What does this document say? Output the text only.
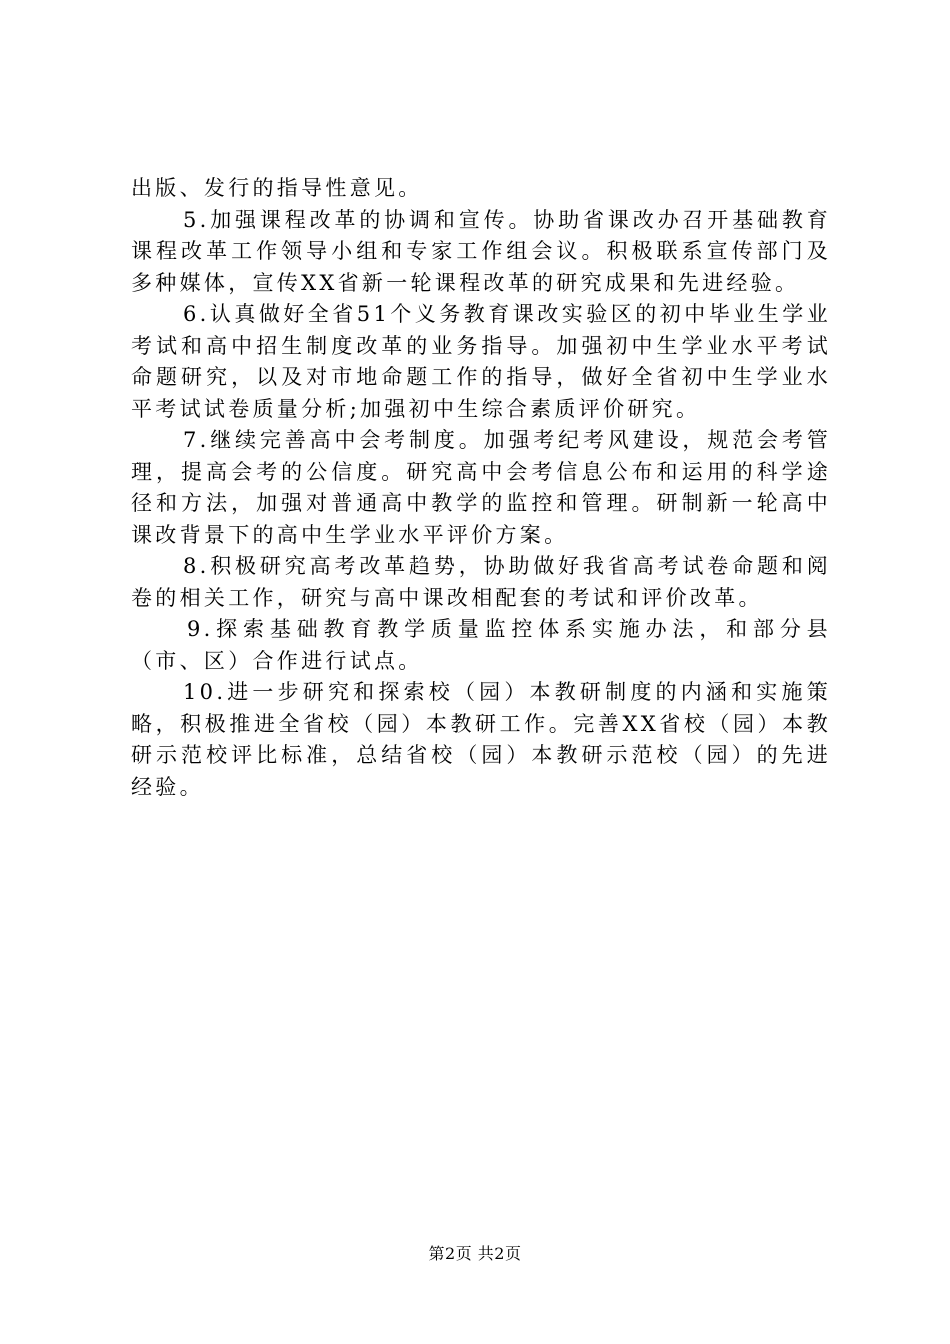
出版、发行的指导性意见。

5.加强课程改革的协调和宣传。协助省课改办召开基础教育课程改革工作领导小组和专家工作组会议。积极联系宣传部门及多种媒体，宣传XX省新一轮课程改革的研究成果和先进经验。

6.认真做好全省51个义务教育课改实验区的初中毕业生学业考试和高中招生制度改革的业务指导。加强初中生学业水平考试命题研究，以及对市地命题工作的指导，做好全省初中生学业水平考试试卷质量分析;加强初中生综合素质评价研究。

7.继续完善高中会考制度。加强考纪考风建设，规范会考管理，提高会考的公信度。研究高中会考信息公布和运用的科学途径和方法，加强对普通高中教学的监控和管理。研制新一轮高中课改背景下的高中生学业水平评价方案。

8.积极研究高考改革趋势，协助做好我省高考试卷命题和阅卷的相关工作，研究与高中课改相配套的考试和评价改革。

9.探索基础教育教学质量监控体系实施办法，和部分县（市、区）合作进行试点。

10.进一步研究和探索校（园）本教研制度的内涵和实施策略，积极推进全省校（园）本教研工作。完善XX省校（园）本教研示范校评比标准，总结省校（园）本教研示范校（园）的先进经验。

第2页 共2页
